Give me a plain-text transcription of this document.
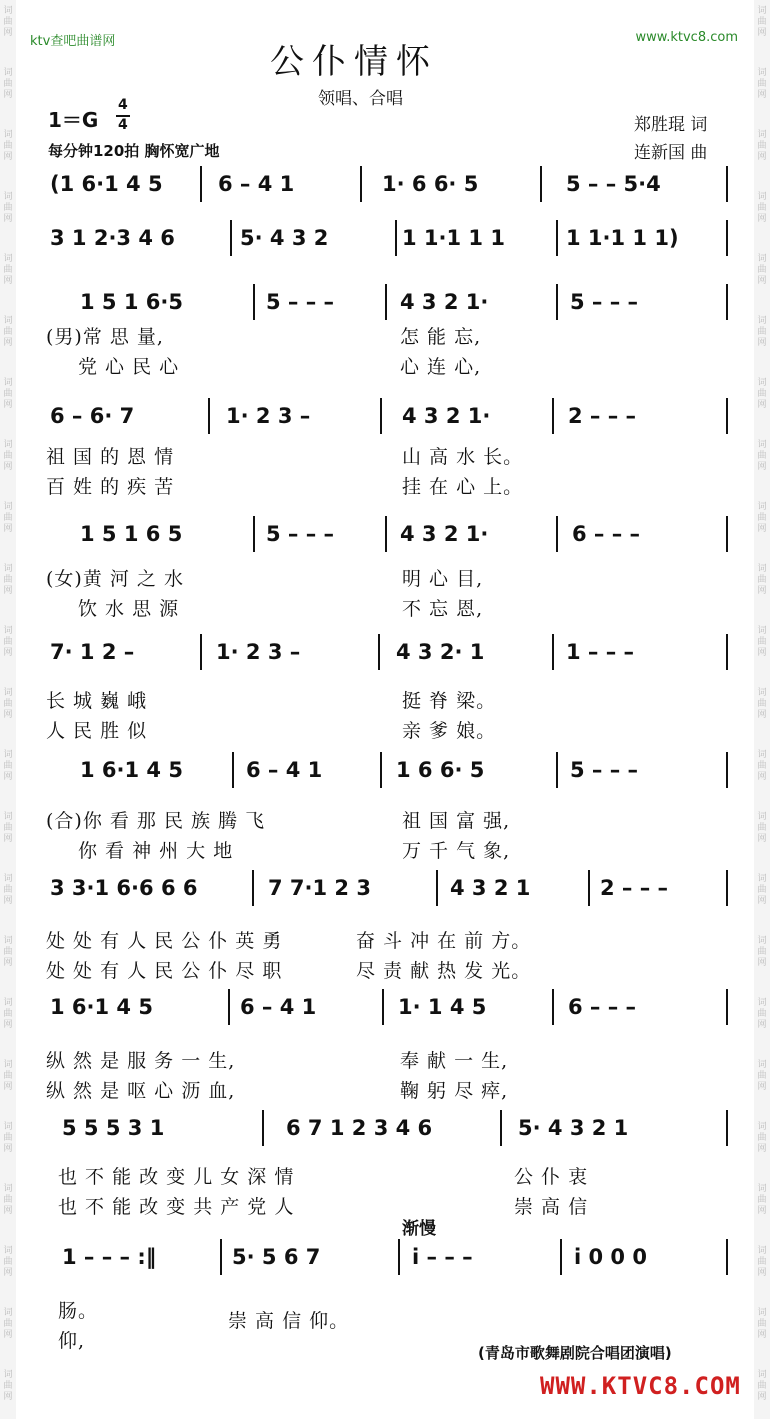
词
曲
网
词
曲
网
词
曲
网
词
曲
网
词
曲
网
词
曲
网
词
曲
网
词
曲
网
词
曲
网
词
曲
网
词
曲
网
词
曲
网
词
曲
网
词
曲
网
词
曲
网
词
曲
网
词
曲
网
词
曲
网
词
曲
网
词
曲
网
词
曲
网
词
曲
网
词
曲
网
词
曲
网
词
曲
网
词
曲
网
词
曲
网
词
曲
网
词
曲
网
词
曲
网
词
曲
网
词
曲
网
词
曲
网
词
曲
网
词
曲
网
词
曲
网
词
曲
网
词
曲
网
词
曲
网
词
曲
网
词
曲
网
词
曲
网
词
曲
网
词
曲
网
词
曲
网
词
曲
网
ktv查吧曲谱网	www.ktvc8.com
公仆情怀
领唱、合唱
1＝G
4
4
每分钟120拍 胸怀宽广地
郑胜琨 词
连新国 曲
(1 6·1 4 5	6 – 4 1	1· 6 6· 5	5 – – 5·4
3 1 2·3 4 6	5· 4 3 2	1 1·1 1 1	1 1·1 1 1)
1 5 1 6·5	5 – – –	4 3 2 1·	5 – – –
6 – 6· 7	1· 2 3 –	4 3 2 1·	2 – – –
1 5 1 6 5	5 – – –	4 3 2 1·	6 – – –
7· 1 2 –	1· 2 3 –	4 3 2· 1	1 – – –
1 6·1 4 5	6 – 4 1	1 6 6· 5	5 – – –
3 3·1 6·6 6 6	7 7·1 2 3	4 3 2 1	2 – – –
1 6·1 4 5	6 – 4 1	1· 1 4 5	6 – – –
5 5 5 3 1	6 7 1 2 3 4 6	5· 4 3 2 1
1 – – – :‖	5· 5 6 7	i – – –	i 0 0 0
(男)常 思 量,	怎 能 忘,
党 心 民 心	心 连 心,
祖 国 的 恩 情	山 高 水 长。
百 姓 的 疾 苦	挂 在 心 上。
(女)黄 河 之 水	明 心 目,
饮 水 思 源	不 忘 恩,
长 城 巍 峨	挺 脊 梁。
人 民 胜 似	亲 爹 娘。
(合)你 看 那 民 族 腾 飞	祖 国 富 强,
你 看 神 州 大 地	万 千 气 象,
处 处 有 人 民 公 仆 英 勇	奋 斗 冲 在 前 方。
处 处 有 人 民 公 仆 尽 职	尽 责 献 热 发 光。
纵 然 是 服 务 一 生,	奉 献 一 生,
纵 然 是 呕 心 沥 血,	鞠 躬 尽 瘁,
也 不 能 改 变 儿 女 深 情	公 仆 衷
也 不 能 改 变 共 产 党 人	崇 高 信
渐慢
肠。	崇 高 信 仰。
仰,
(青岛市歌舞剧院合唱团演唱)
WWW.KTVC8.COM
